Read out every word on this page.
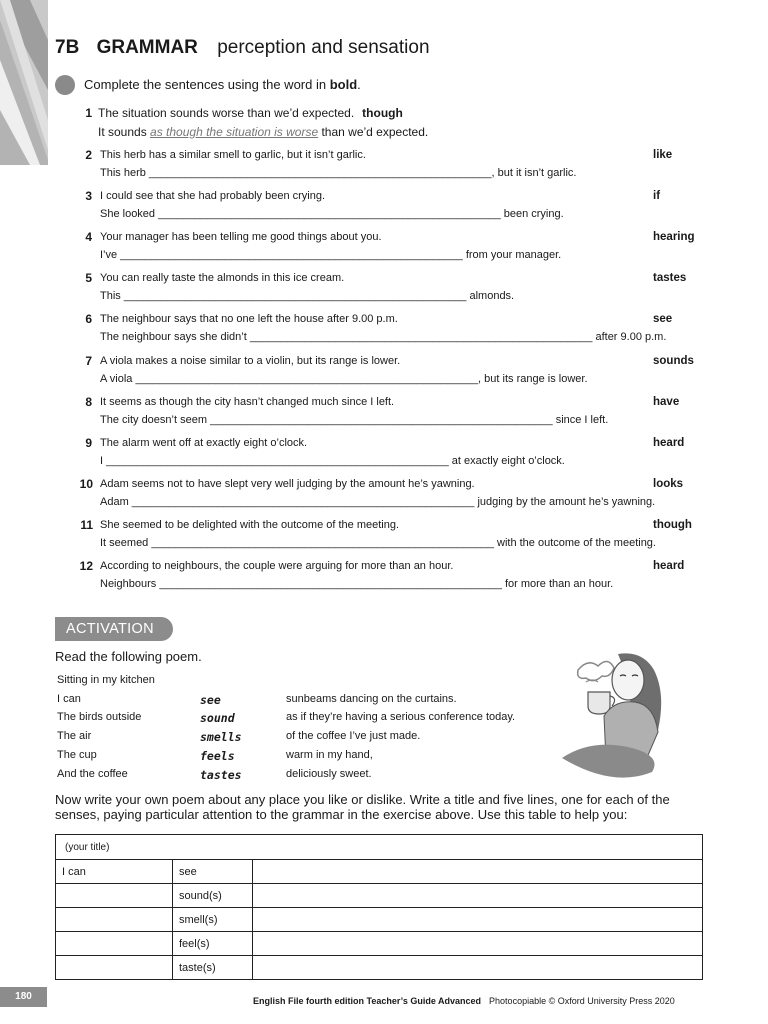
7B GRAMMAR perception and sensation
Complete the sentences using the word in bold.
1 The situation sounds worse than we’d expected. though
It sounds as though the situation is worse than we’d expected.
2 This herb has a similar smell to garlic, but it isn’t garlic.	like
This herb ________________________________________________________, but it isn’t garlic.
3 I could see that she had probably been crying.	if
She looked ________________________________________________________ been crying.
4 Your manager has been telling me good things about you.	hearing
I’ve ________________________________________________________ from your manager.
5 You can really taste the almonds in this ice cream.	tastes
This ________________________________________________________ almonds.
6 The neighbour says that no one left the house after 9.00 p.m.	see
The neighbour says she didn’t ________________________________________________________ after 9.00 p.m.
7 A viola makes a noise similar to a violin, but its range is lower.	sounds
A viola ________________________________________________________, but its range is lower.
8 It seems as though the city hasn’t changed much since I left.	have
The city doesn’t seem ________________________________________________________ since I left.
9 The alarm went off at exactly eight o’clock.	heard
I ________________________________________________________ at exactly eight o’clock.
10 Adam seems not to have slept very well judging by the amount he’s yawning.	looks
Adam ________________________________________________________ judging by the amount he’s yawning.
11 She seemed to be delighted with the outcome of the meeting.	though
It seemed ________________________________________________________ with the outcome of the meeting.
12 According to neighbours, the couple were arguing for more than an hour.	heard
Neighbours ________________________________________________________ for more than an hour.
ACTIVATION
Read the following poem.
Sitting in my kitchen
I can	see	sunbeams dancing on the curtains.
The birds outside	sound	as if they’re having a serious conference today.
The air	smells	of the coffee I’ve just made.
The cup	feels	warm in my hand,
And the coffee	tastes	deliciously sweet.
Now write your own poem about any place you like or dislike. Write a title and five lines, one for each of the senses, paying particular attention to the grammar in the exercise above. Use this table to help you:
(your title)		
I can	see	
	sound(s)	
	smell(s)	
	feel(s)	
	taste(s)	
180	English File fourth edition Teacher’s Guide Advanced Photocopiable © Oxford University Press 2020
